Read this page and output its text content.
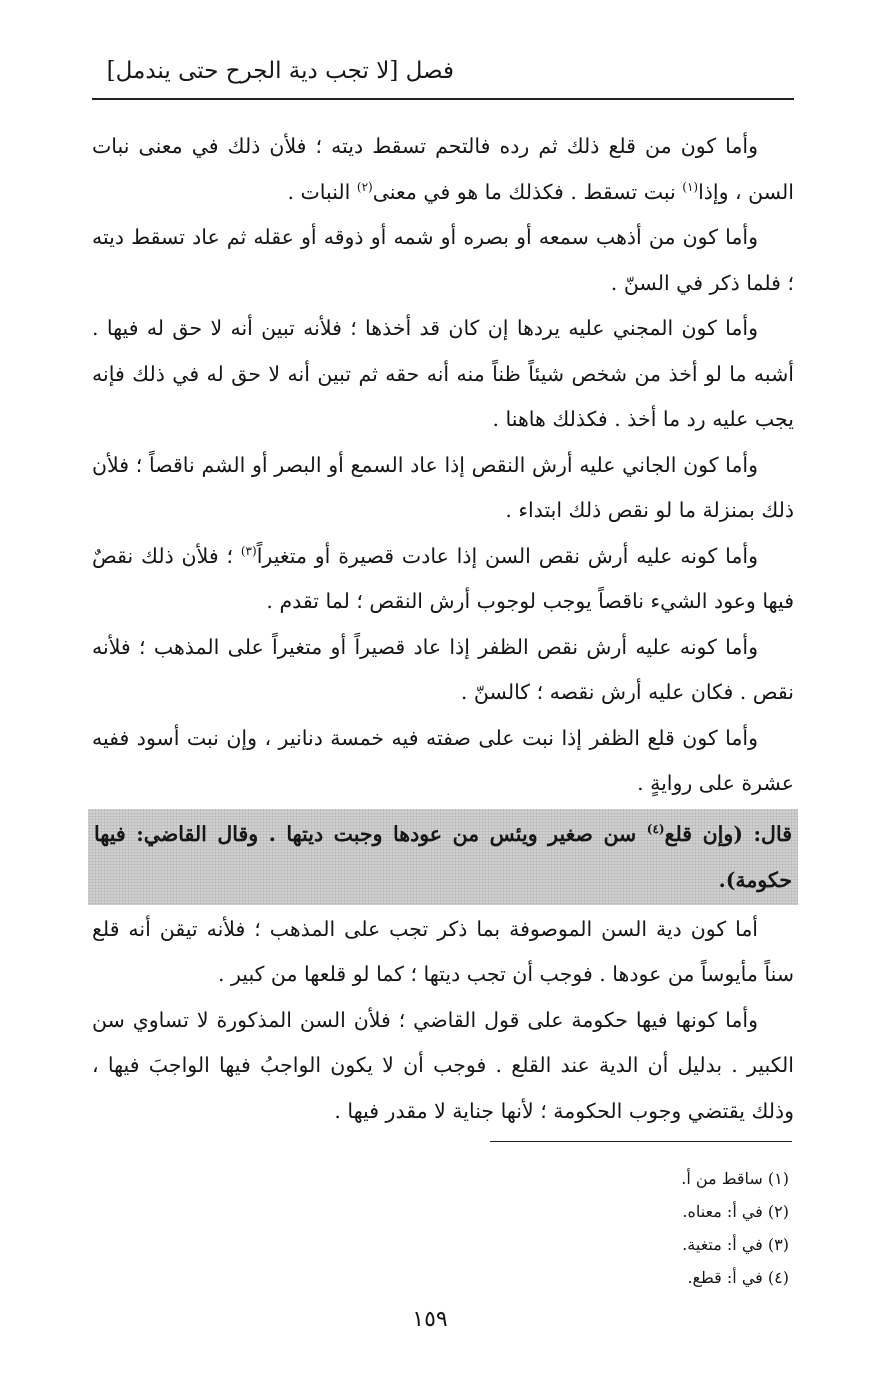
فصل [لا تجب دية الجرح حتى يندمل]

وأما كون من قلع ذلك ثم رده فالتحم تسقط ديته ؛ فلأن ذلك في معنى نبات السن ، وإذا$^{(١)}$ نبت تسقط . فكذلك ما هو في معنى$^{(٢)}$ النبات .

وأما كون من أذهب سمعه أو بصره أو شمه أو ذوقه أو عقله ثم عاد تسقط ديته ؛ فلما ذكر في السنّ .

وأما كون المجني عليه يردها إن كان قد أخذها ؛ فلأنه تبين أنه لا حق له فيها . أشبه ما لو أخذ من شخص شيئاً ظناً منه أنه حقه ثم تبين أنه لا حق له في ذلك فإنه يجب عليه رد ما أخذ . فكذلك هاهنا .

وأما كون الجاني عليه أرش النقص إذا عاد السمع أو البصر أو الشم ناقصاً ؛ فلأن ذلك بمنزلة ما لو نقص ذلك ابتداء .

وأما كونه عليه أرش نقص السن إذا عادت قصيرة أو متغيراً$^{(٣)}$ ؛ فلأن ذلك نقصٌ فيها وعود الشيء ناقصاً يوجب لوجوب أرش النقص ؛ لما تقدم .

وأما كونه عليه أرش نقص الظفر إذا عاد قصيراً أو متغيراً على المذهب ؛ فلأنه نقص . فكان عليه أرش نقصه ؛ كالسنّ .

وأما كون قلع الظفر إذا نبت على صفته فيه خمسة دنانير ، وإن نبت أسود ففيه عشرة على روايةٍ .

قال: (وإن قلع$^{(٤)}$ سن صغير ويئس من عودها وجبت ديتها . وقال القاضي: فيها حكومة).

أما كون دية السن الموصوفة بما ذكر تجب على المذهب ؛ فلأنه تيقن أنه قلع سناً مأيوساً من عودها . فوجب أن تجب ديتها ؛ كما لو قلعها من كبير .

وأما كونها فيها حكومة على قول القاضي ؛ فلأن السن المذكورة لا تساوي سن الكبير . بدليل أن الدية عند القلع . فوجب أن لا يكون الواجبُ فيها الواجبَ فيها ، وذلك يقتضي وجوب الحكومة ؛ لأنها جناية لا مقدر فيها .

(١) ساقط من أ.
(٢) في أ: معناه.
(٣) في أ: متغية.
(٤) في أ: قطع.
١٥٩
